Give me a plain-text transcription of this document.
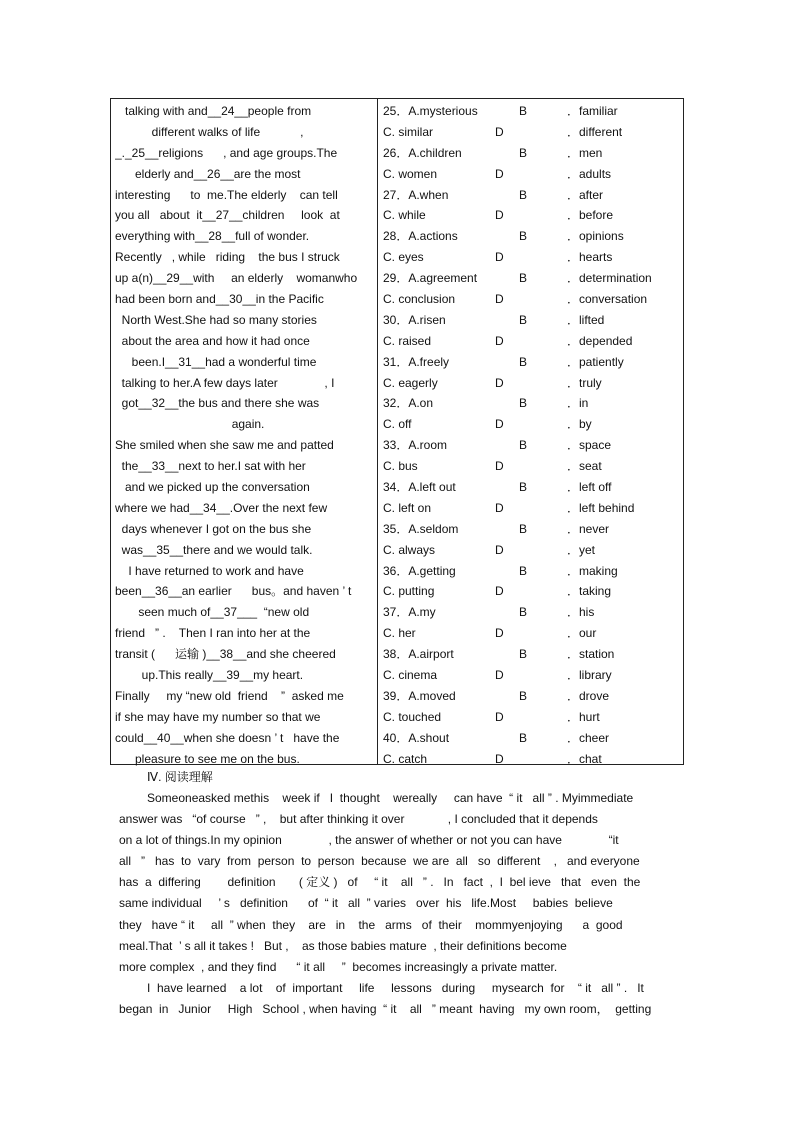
talking with and__24__people from
different walks of life            ,
_._25__religions      , and age groups.The
elderly and__26__are the most
interesting      to  me.The elderly    can tell
you all   about  it__27__children     look  at
everything with__28__full of wonder.
Recently   , while   riding    the bus I struck
up a(n)__29__with     an elderly    womanwho
had been born and__30__in the Pacific
North West.She had so many stories
about the area and how it had once
been.I__31__had a wonderful time
talking to her.A few days later              , I
got__32__the bus and there she was
again.
She smiled when she saw me and patted
the__33__next to her.I sat with her
and we picked up the conversation
where we had__34__.Over the next few
days whenever I got on the bus she
was__35__there and we would talk.
I have returned to work and have
been__36__an earlier      bus。and haven ’ t
seen much of__37___  “new old
friend   ” .    Then I ran into her at the
transit (      运输 )__38__and she cheered
up.This really__39__my heart.
Finally     my “new old  friend    ”  asked me
if she may have my number so that we
could__40__when she doesn ’ t   have the
pleasure to see me on the bus.
25．A.mysterious	B	．familiar
C. similar	D	．different
26．A.children	B	．men
C. women	D	．adults
27．A.when	B	．after
C. while	D	．before
28．A.actions	B	．opinions
C. eyes	D	．hearts
29．A.agreement	B	．determination
C. conclusion	D	．conversation
30．A.risen	B	．lifted
C. raised	D	．depended
31．A.freely	B	．patiently
C. eagerly	D	．truly
32．A.on	B	．in
C. off	D	．by
33．A.room	B	．space
C. bus	D	．seat
34．A.left out	B	．left off
C. left on	D	．left behind
35．A.seldom	B	．never
C. always	D	．yet
36．A.getting	B	．making
C. putting	D	．taking
37．A.my	B	．his
C. her	D	．our
38．A.airport	B	．station
C. cinema	D	．library
39．A.moved	B	．drove
C. touched	D	．hurt
40．A.shout	B	．cheer
C. catch	D	．chat
Ⅳ. 阅读理解
Someoneasked methis    week if   I  thought    wereally     can have  “ it   all ” . Myimmediate
answer was   “of course   ” ,    but after thinking it over             , I concluded that it depends
on a lot of things.In my opinion              , the answer of whether or not you can have              “it
all   ”   has  to  vary  from  person  to  person  because  we are  all   so  different    ,   and everyone
has  a  differing        definition       ( 定义 )   of     “ it    all   ” .   In   fact  ,  I  bel ieve   that   even  the
same individual     ’ s   definition      of  “ it   all  ” varies   over  his   life.Most     babies  believe
they   have “ it     all  ” when  they    are   in    the   arms   of  their    mommyenjoying      a  good
meal.That  ’ s all it takes !   But ,    as those babies mature  , their definitions become
more complex  , and they find      “ it all     ”  becomes increasingly a private matter.
I  have learned    a lot    of  important     life     lessons   during     mysearch  for    “ it   all ” .   It
began  in   Junior     High   School , when having  “ it    all   ” meant  having   my own room，  getting
